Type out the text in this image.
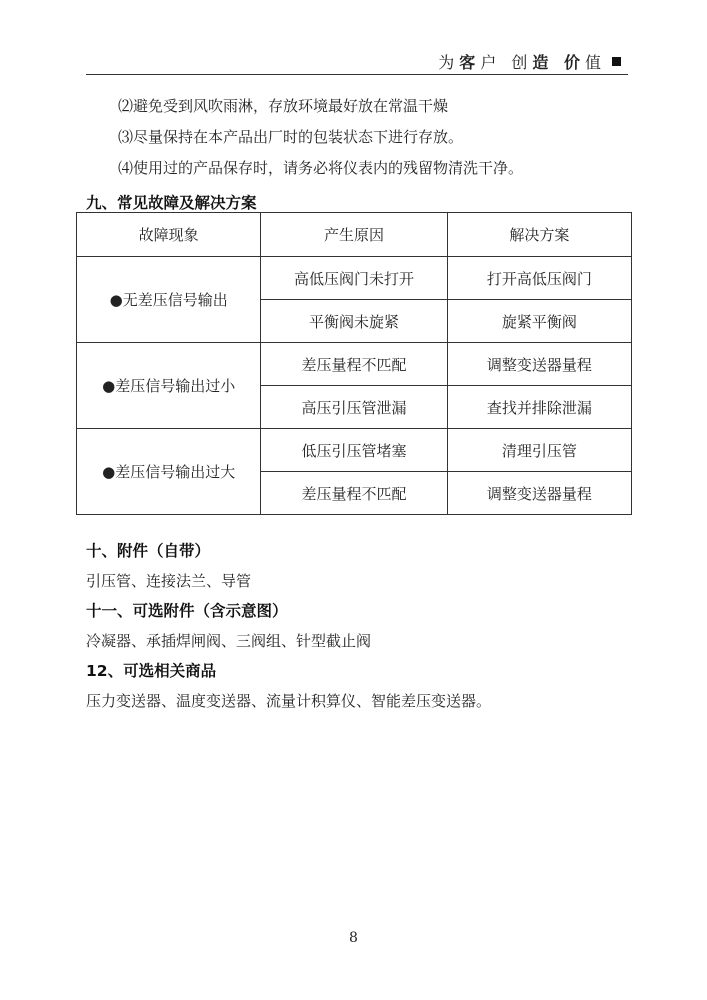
为 客 户 创 造 价 值
⑵避免受到风吹雨淋，存放环境最好放在常温干燥
⑶尽量保持在本产品出厂时的包装状态下进行存放。
⑷使用过的产品保存时，请务必将仪表内的残留物清洗干净。
九、常见故障及解决方案
故障现象	产生原因	解决方案
●无差压信号输出	高低压阀门未打开	打开高低压阀门
	平衡阀未旋紧	旋紧平衡阀
●差压信号输出过小	差压量程不匹配	调整变送器量程
	高压引压管泄漏	查找并排除泄漏
●差压信号输出过大	低压引压管堵塞	清理引压管
	差压量程不匹配	调整变送器量程
十、附件（自带）
引压管、连接法兰、导管
十一、可选附件（含示意图）
冷凝器、承插焊闸阀、三阀组、针型截止阀
12、可选相关商品
压力变送器、温度变送器、流量计积算仪、智能差压变送器。
8
